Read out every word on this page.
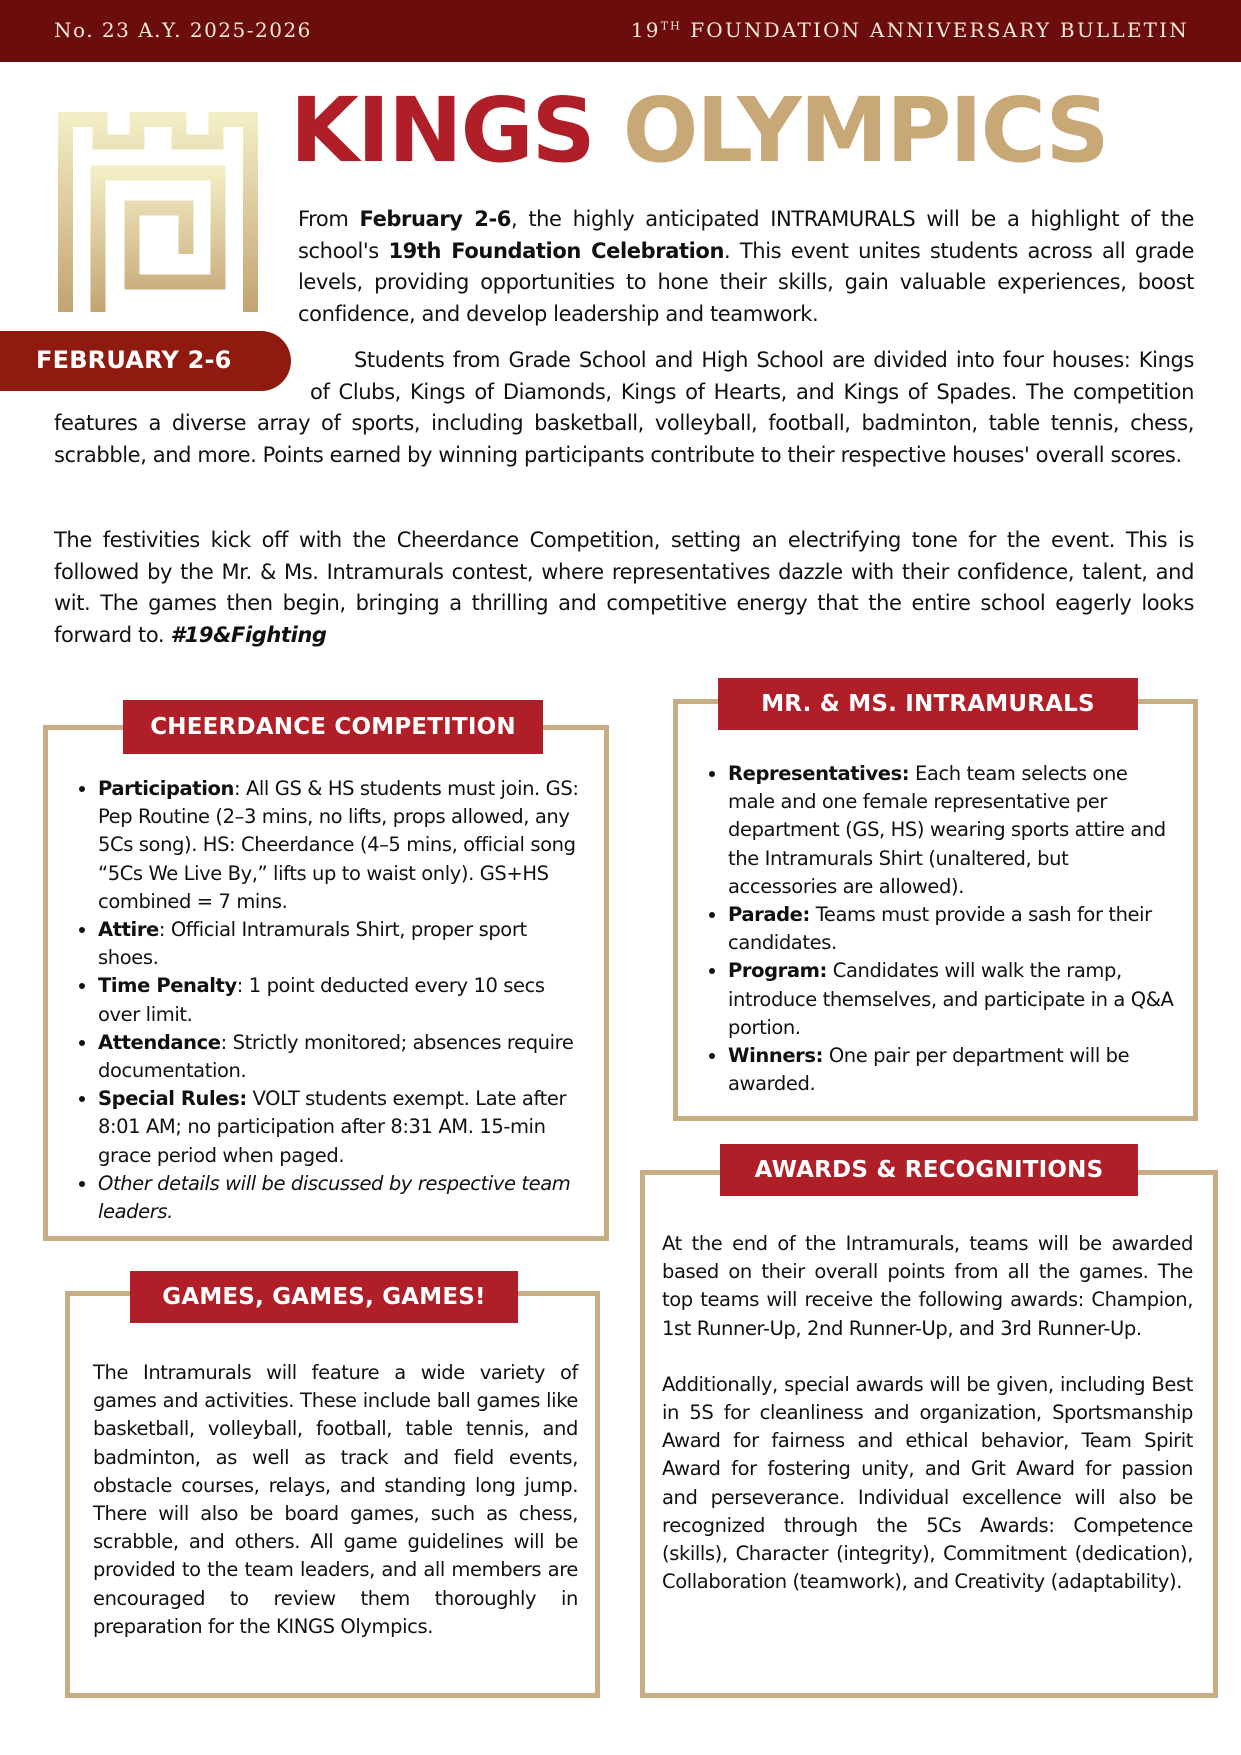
No. 23 A.Y. 2025-2026	19TH FOUNDATION ANNIVERSARY BULLETIN
KINGS OLYMPICS
From February 2-6, the highly anticipated INTRAMURALS will be a highlight of the school's 19th Foundation Celebration. This event unites students across all grade levels, providing opportunities to hone their skills, gain valuable experiences, boost confidence, and develop leadership and teamwork.
FEBRUARY 2-6	Students from Grade School and High School are divided into four houses: Kings of Clubs, Kings of Diamonds, Kings of Hearts, and Kings of Spades. The competition features a diverse array of sports, including basketball, volleyball, football, badminton, table tennis, chess, scrabble, and more. Points earned by winning participants contribute to their respective houses' overall scores.
The festivities kick off with the Cheerdance Competition, setting an electrifying tone for the event. This is followed by the Mr. & Ms. Intramurals contest, where representatives dazzle with their confidence, talent, and wit. The games then begin, bringing a thrilling and competitive energy that the entire school eagerly looks forward to. #19&Fighting
• Participation: All GS & HS students must join. GS: Pep Routine (2–3 mins, no lifts, props allowed, any 5Cs song). HS: Cheerdance (4–5 mins, official song “5Cs We Live By,” lifts up to waist only). GS+HS combined = 7 mins.
• Attire: Official Intramurals Shirt, proper sport shoes.
• Time Penalty: 1 point deducted every 10 secs over limit.
• Attendance: Strictly monitored; absences require documentation.
• Special Rules: VOLT students exempt. Late after 8:01 AM; no participation after 8:31 AM. 15-min grace period when paged.
• Other details will be discussed by respective team leaders.
CHEERDANCE COMPETITION
• Representatives: Each team selects one male and one female representative per department (GS, HS) wearing sports attire and the Intramurals Shirt (unaltered, but accessories are allowed).
• Parade: Teams must provide a sash for their candidates.
• Program: Candidates will walk the ramp, introduce themselves, and participate in a Q&A portion.
• Winners: One pair per department will be awarded.
MR. & MS. INTRAMURALS

The Intramurals will feature a wide variety of games and activities. These include ball games like basketball, volleyball, football, table tennis, and badminton, as well as track and field events, obstacle courses, relays, and standing long jump. There will also be board games, such as chess, scrabble, and others. All game guidelines will be provided to the team leaders, and all members are encouraged to review them thoroughly in preparation for the KINGS Olympics.

GAMES, GAMES, GAMES!

At the end of the Intramurals, teams will be awarded based on their overall points from all the games. The top teams will receive the following awards: Champion, 1st Runner-Up, 2nd Runner-Up, and 3rd Runner-Up.

Additionally, special awards will be given, including Best in 5S for cleanliness and organization, Sportsmanship Award for fairness and ethical behavior, Team Spirit Award for fostering unity, and Grit Award for passion and perseverance. Individual excellence will also be recognized through the 5Cs Awards: Competence (skills), Character (integrity), Commitment (dedication), Collaboration (teamwork), and Creativity (adaptability).

AWARDS & RECOGNITIONS
